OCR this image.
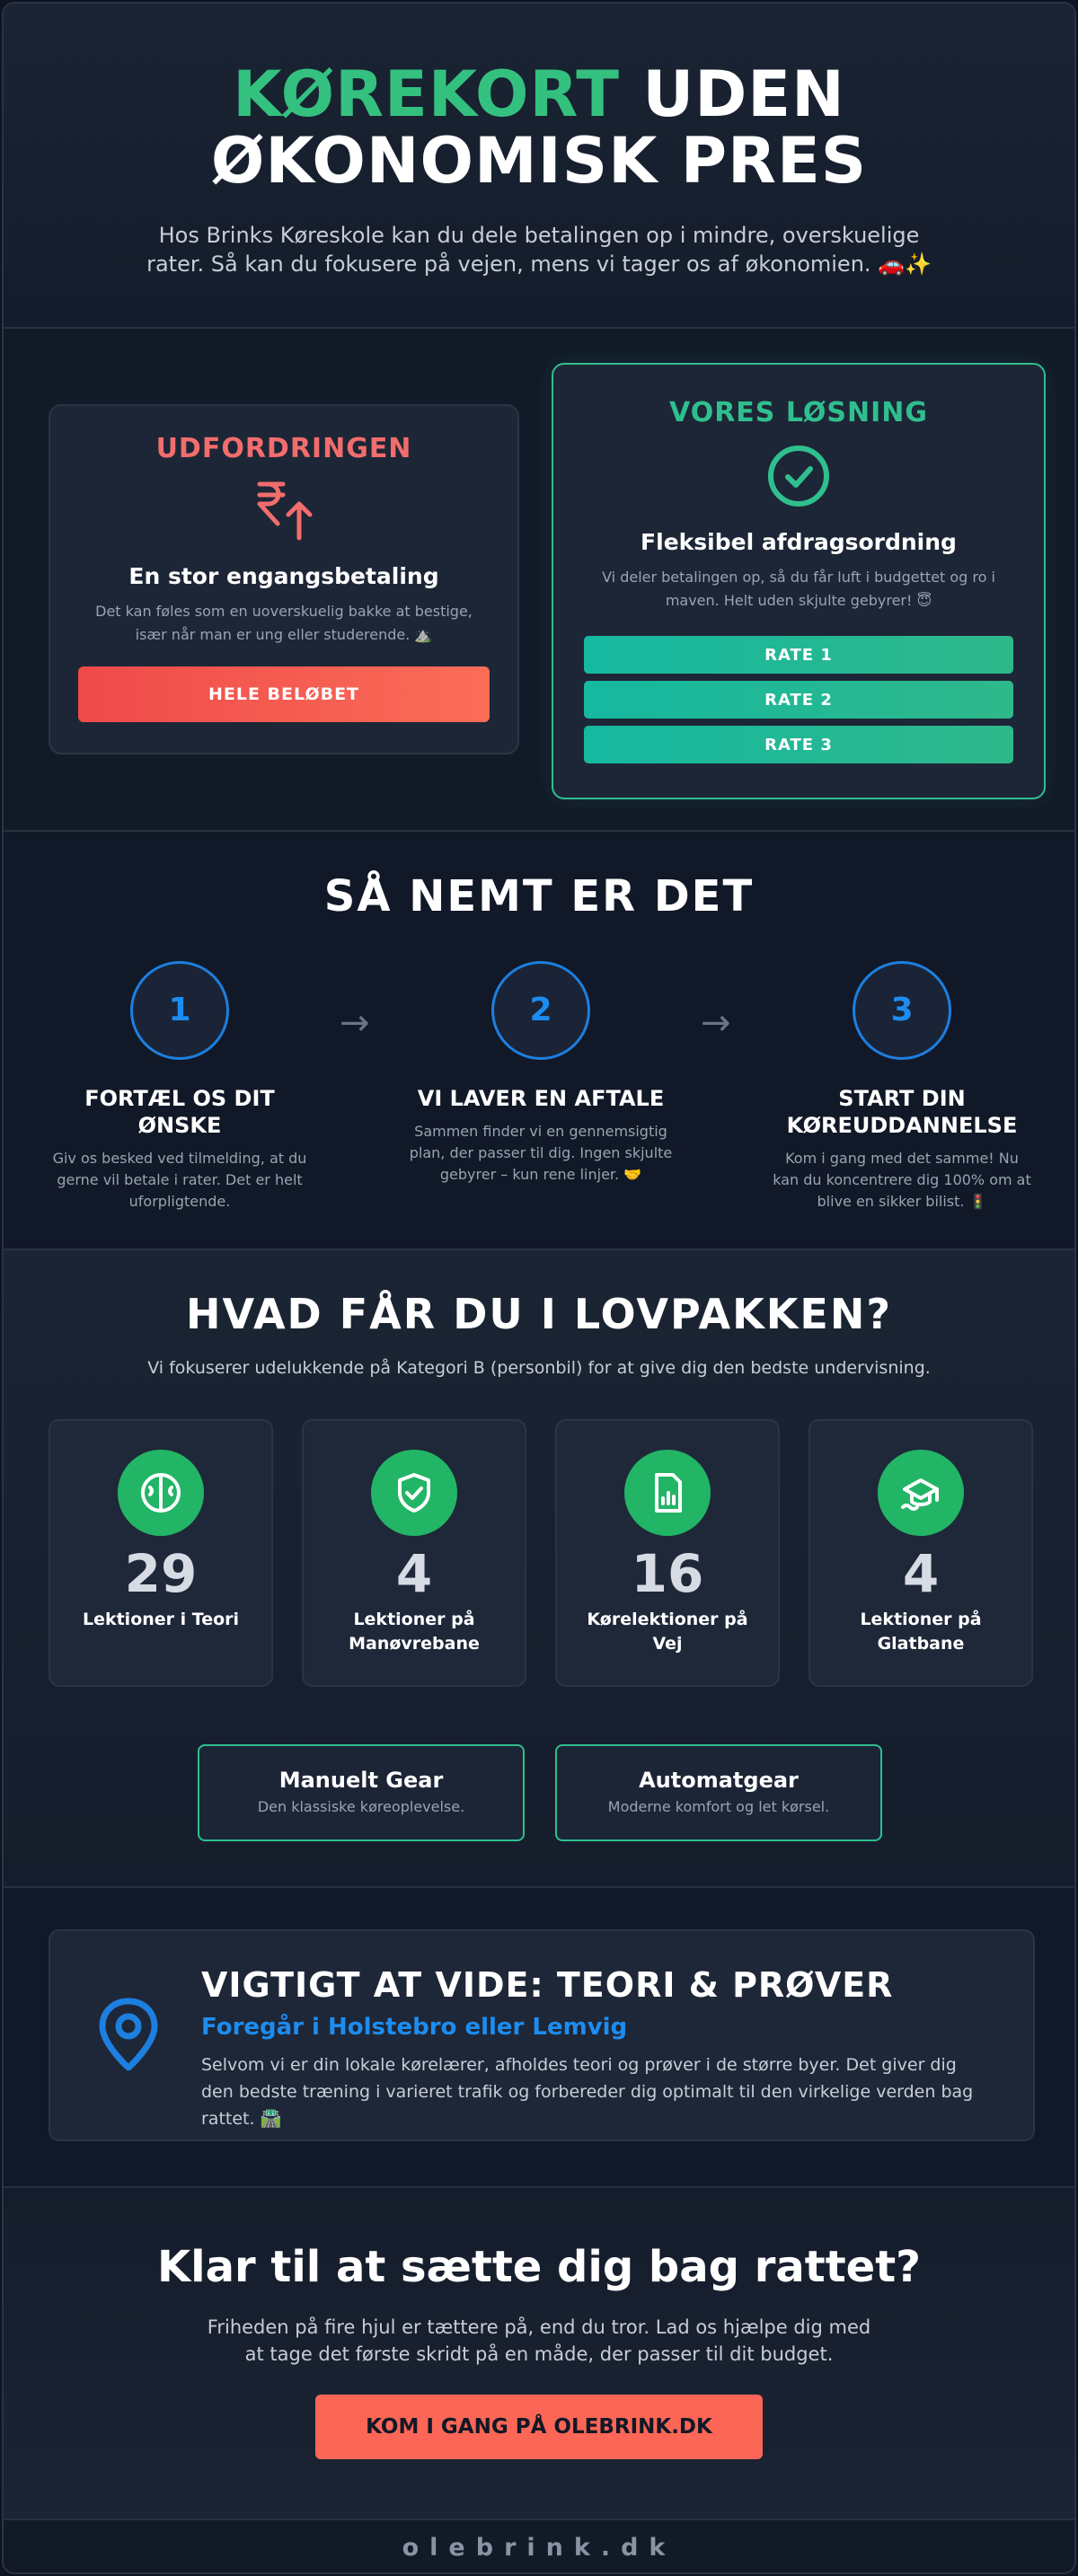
KØREKORT UDEN
ØKONOMISK PRES

Hos Brinks Køreskole kan du dele betalingen op i mindre, overskuelige rater. Så kan du fokusere på vejen, mens vi tager os af økonomien. 🚗✨

UDFORDRINGEN
En stor engangsbetaling

Det kan føles som en uoverskuelig bakke at bestige, især når man er ung eller studerende. ⛰️

HELE BELØBET
VORES LØSNING
Fleksibel afdragsordning

Vi deler betalingen op, så du får luft i budgettet og ro i maven. Helt uden skjulte gebyrer! 😇

RATE 1
RATE 2
RATE 3
SÅ NEMT ER DET
1
FORTÆL OS DIT ØNSKE

Giv os besked ved tilmelding, at du gerne vil betale i rater. Det er helt uforpligtende.

→	2
VI LAVER EN AFTALE

Sammen finder vi en gennemsigtig plan, der passer til dig. Ingen skjulte gebyrer – kun rene linjer. 🤝

→	3
START DIN KØREUDDANNELSE

Kom i gang med det samme! Nu kan du koncentrere dig 100% om at blive en sikker bilist. 🚦

HVAD FÅR DU I LOVPAKKEN?

Vi fokuserer udelukkende på Kategori B (personbil) for at give dig den bedste undervisning.

29
Lektioner i Teori
4
Lektioner på Manøvrebane
16
Kørelektioner på Vej
4
Lektioner på Glatbane
Manuelt Gear
Den klassiske køreoplevelse.
Automatgear
Moderne komfort og let kørsel.
VIGTIGT AT VIDE: TEORI & PRØVER
Foregår i Holstebro eller Lemvig

Selvom vi er din lokale kørelærer, afholdes teori og prøver i de større byer. Det giver dig den bedste træning i varieret trafik og forbereder dig optimalt til den virkelige verden bag rattet. 🛣️

Klar til at sætte dig bag rattet?

Friheden på fire hjul er tættere på, end du tror. Lad os hjælpe dig med at tage det første skridt på en måde, der passer til dit budget.

KOM I GANG PÅ OLEBRINK.DK
olebrink.dk
